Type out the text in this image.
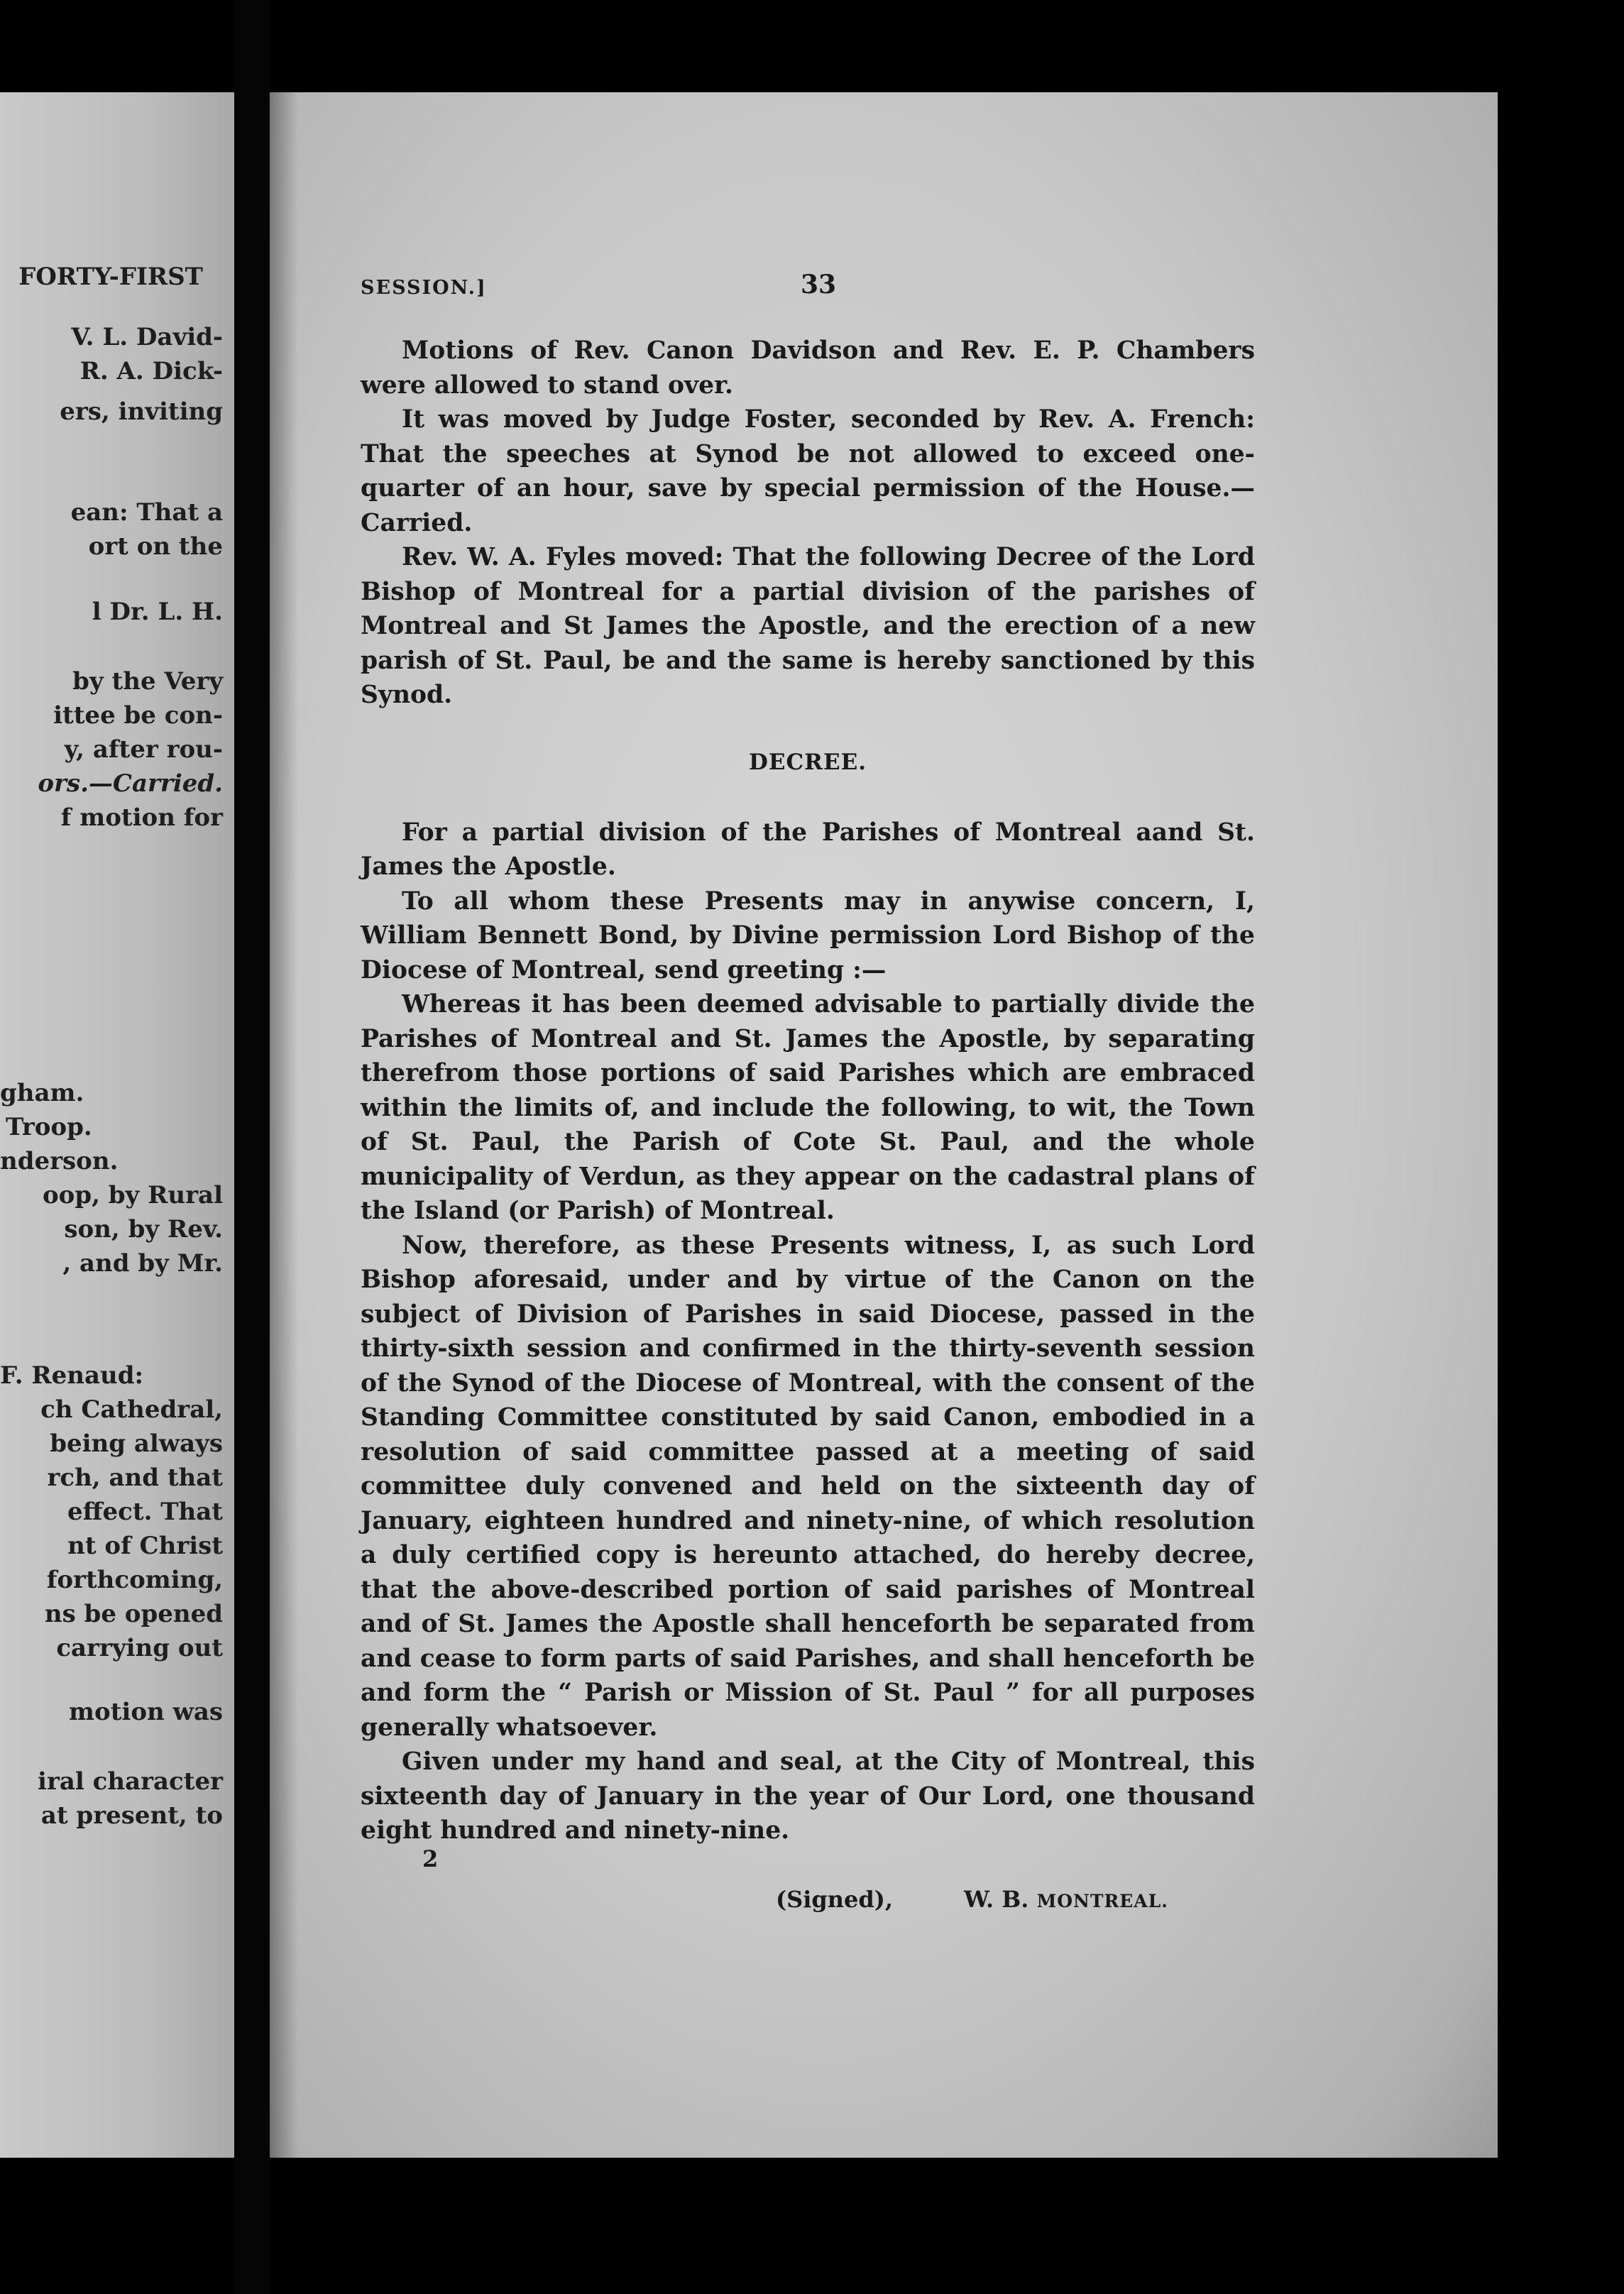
FORTY-FIRST
V. L. David-
R. A. Dick-
ers, inviting
ean: That a
ort on the
l Dr. L. H.
by the Very
ittee be con-
y, after rou-
ors.—Carried.
f motion for
gham.
Troop.
nderson.
oop, by Rural
son, by Rev.
, and by Mr.
F. Renaud:
ch Cathedral,
being always
rch, and that
effect. That
nt of Christ
forthcoming,
ns be opened
carrying out
motion was
iral character
at present, to
SESSION.]	33

Motions of Rev. Canon Davidson and Rev. E. P. Chambers were allowed to stand over.

It was moved by Judge Foster, seconded by Rev. A. French: That the speeches at Synod be not allowed to exceed one-quarter of an hour, save by special permission of the House.—Carried.

Rev. W. A. Fyles moved: That the following Decree of the Lord Bishop of Montreal for a partial division of the parishes of Montreal and St James the Apostle, and the erection of a new parish of St. Paul, be and the same is hereby sanctioned by this Synod.

DECREE.

For a partial division of the Parishes of Montreal aand St. James the Apostle.

To all whom these Presents may in anywise concern, I, William Bennett Bond, by Divine permission Lord Bishop of the Diocese of Montreal, send greeting :—

Whereas it has been deemed advisable to partially divide the Parishes of Montreal and St. James the Apostle, by separating therefrom those portions of said Parishes which are embraced within the limits of, and include the following, to wit, the Town of St. Paul, the Parish of Cote St. Paul, and the whole municipality of Verdun, as they appear on the cadastral plans of the Island (or Parish) of Montreal.

Now, therefore, as these Presents witness, I, as such Lord Bishop aforesaid, under and by virtue of the Canon on the subject of Division of Parishes in said Diocese, passed in the thirty-sixth session and confirmed in the thirty-seventh session of the Synod of the Diocese of Montreal, with the consent of the Standing Committee constituted by said Canon, embodied in a resolution of said committee passed at a meeting of said committee duly convened and held on the sixteenth day of January, eighteen hundred and ninety-nine, of which resolution a duly certified copy is hereunto attached, do hereby decree, that the above-described portion of said parishes of Montreal and of St. James the Apostle shall henceforth be separated from and cease to form parts of said Parishes, and shall henceforth be and form the “ Parish or Mission of St. Paul ” for all purposes generally whatsoever.

Given under my hand and seal, at the City of Montreal, this sixteenth day of January in the year of Our Lord, one thousand eight hundred and ninety-nine.

(Signed),	W. B. MONTREAL.
2
